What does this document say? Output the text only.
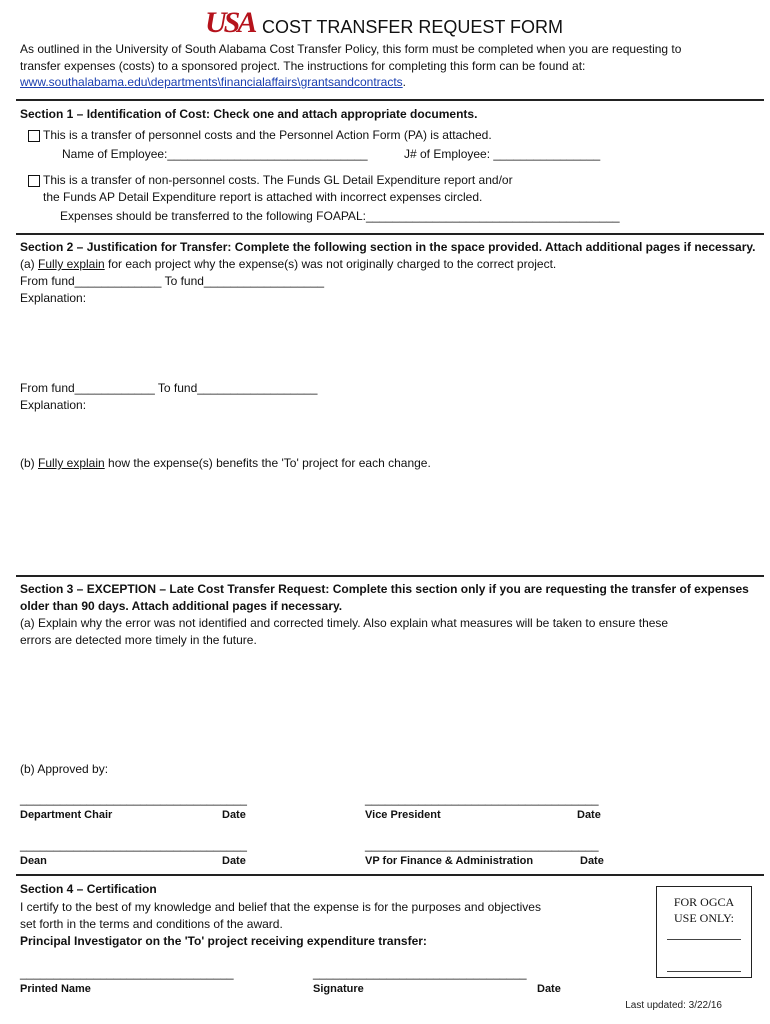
USA COST TRANSFER REQUEST FORM
As outlined in the University of South Alabama Cost Transfer Policy, this form must be completed when you are requesting to
transfer expenses (costs) to a sponsored project. The instructions for completing this form can be found at:
www.southalabama.edu\departments\financialaffairs\grantsandcontracts.
Section 1 – Identification of Cost: Check one and attach appropriate documents.
This is a transfer of personnel costs and the Personnel Action Form (PA) is attached.
Name of Employee:______________________________	J# of Employee: ________________
This is a transfer of non-personnel costs. The Funds GL Detail Expenditure report and/or
the Funds AP Detail Expenditure report is attached with incorrect expenses circled.
Expenses should be transferred to the following FOAPAL:______________________________________
Section 2 – Justification for Transfer: Complete the following section in the space provided. Attach additional pages if necessary.
(a) Fully explain for each project why the expense(s) was not originally charged to the correct project.
From fund_____________ To fund__________________
Explanation:
From fund____________ To fund__________________
Explanation:
(b) Fully explain how the expense(s) benefits the 'To' project for each change.
Section 3 – EXCEPTION – Late Cost Transfer Request: Complete this section only if you are requesting the transfer of expenses
older than 90 days. Attach additional pages if necessary.
(a) Explain why the error was not identified and corrected timely. Also explain what measures will be taken to ensure these
errors are detected more timely in the future.
(b) Approved by:
__________________________________	___________________________________
Department Chair	Date	Vice President	Date
__________________________________	___________________________________
Dean	Date	VP for Finance & Administration	Date
Section 4 – Certification
I certify to the best of my knowledge and belief that the expense is for the purposes and objectives
set forth in the terms and conditions of the award.
Principal Investigator on the 'To' project receiving expenditure transfer:
________________________________	________________________________
Printed Name	Signature	Date
FOR OGCA
USE ONLY:
Last updated: 3/22/16
